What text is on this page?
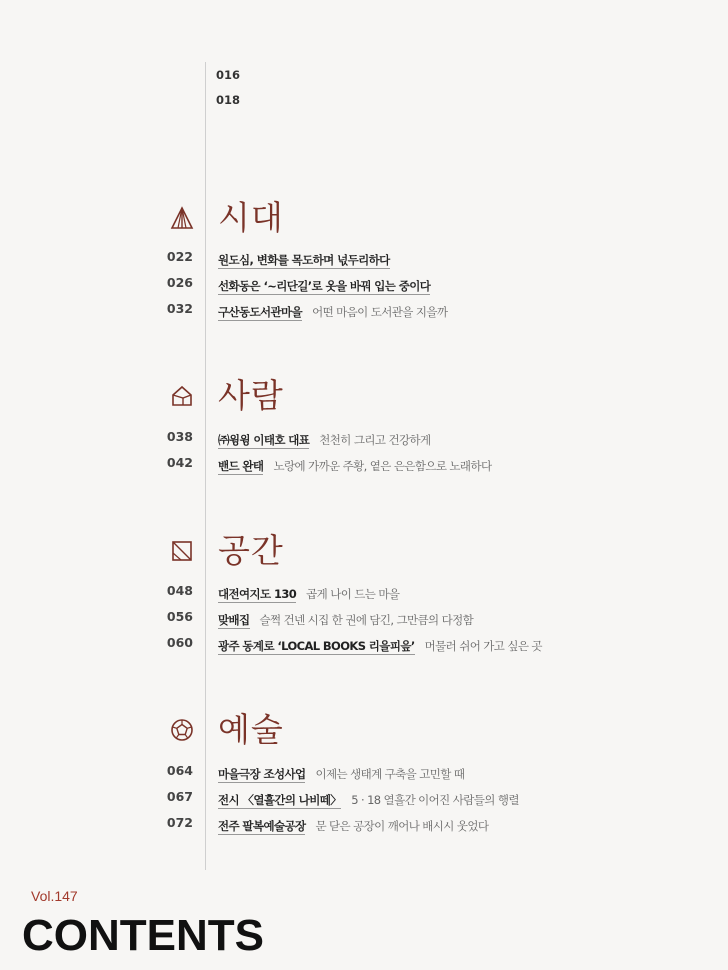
016
018
시대
022 원도심, 변화를 목도하며 넋두리하다
026 선화동은 ‘~리단길’로 옷을 바꿔 입는 중이다
032 구산동도서관마을 어떤 마음이 도서관을 지을까
사람
038 ㈜윙윙 이태호 대표 천천히 그리고 건강하게
042 밴드 완태 노랑에 가까운 주황, 옅은 은은함으로 노래하다
공간
048 대전여지도 130 곱게 나이 드는 마을
056 맞배집 슬쩍 건넨 시집 한 권에 담긴, 그만큼의 다정함
060 광주 동계로 ‘LOCAL BOOKS 리을피읖’ 머물러 쉬어 가고 싶은 곳
예술
064 마을극장 조성사업 이제는 생태계 구축을 고민할 때
067 전시 〈열흘간의 나비떼〉 5 · 18 열흘간 이어진 사람들의 행렬
072 전주 팔복예술공장 문 닫은 공장이 깨어나 배시시 웃었다
Vol.147
CONTENTS
